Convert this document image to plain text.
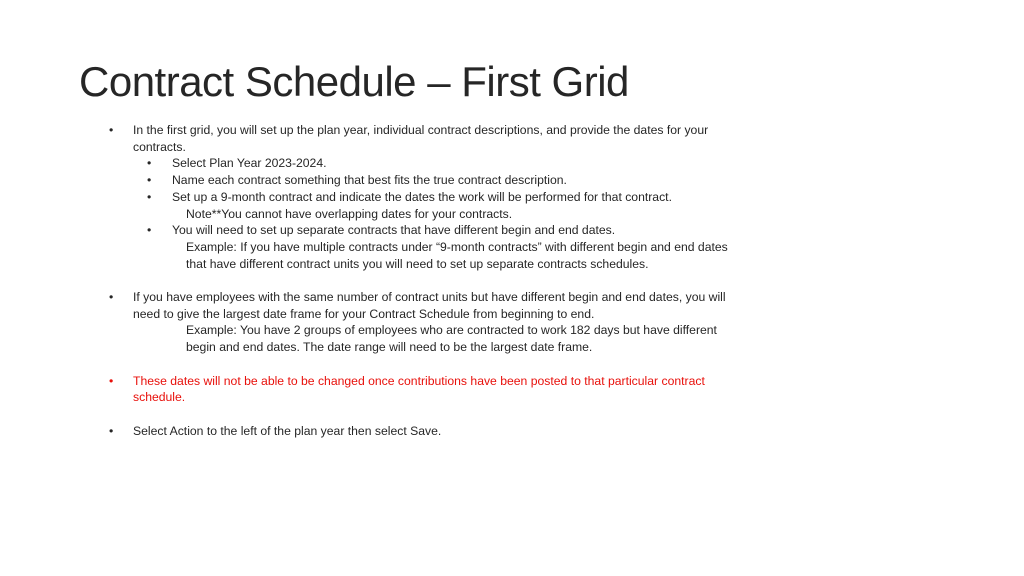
Contract Schedule – First Grid
• In the first grid, you will set up the plan year, individual contract descriptions, and provide the dates for your contracts.
• Select Plan Year 2023-2024.
• Name each contract something that best fits the true contract description.
• Set up a 9-month contract and indicate the dates the work will be performed for that contract.
Note**You cannot have overlapping dates for your contracts.
• You will need to set up separate contracts that have different begin and end dates.
Example: If you have multiple contracts under “9-month contracts” with different begin and end dates that have different contract units you will need to set up separate contracts schedules.
• If you have employees with the same number of contract units but have different begin and end dates, you will need to give the largest date frame for your Contract Schedule from beginning to end.
Example: You have 2 groups of employees who are contracted to work 182 days but have different begin and end dates. The date range will need to be the largest date frame.
• These dates will not be able to be changed once contributions have been posted to that particular contract schedule.
• Select Action to the left of the plan year then select Save.
